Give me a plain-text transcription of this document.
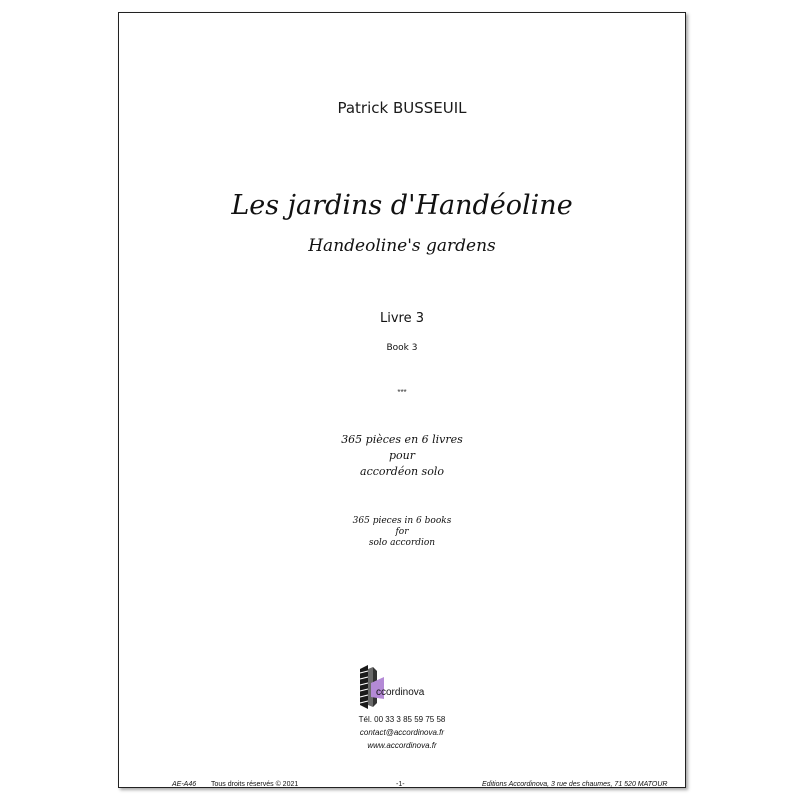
Patrick BUSSEUIL
Les jardins d'Handéoline
Handeoline's gardens
Livre 3
Book 3
***
365 pièces en 6 livres
pour
accordéon solo
365 pieces in 6 books
for
solo accordion
ccordinova
Tél. 00 33 3 85 59 75 58
contact@accordinova.fr
www.accordinova.fr
AE-A46 Tous droits réservés © 2021	-1-	Editions Accordinova, 3 rue des chaumes, 71 520 MATOUR
